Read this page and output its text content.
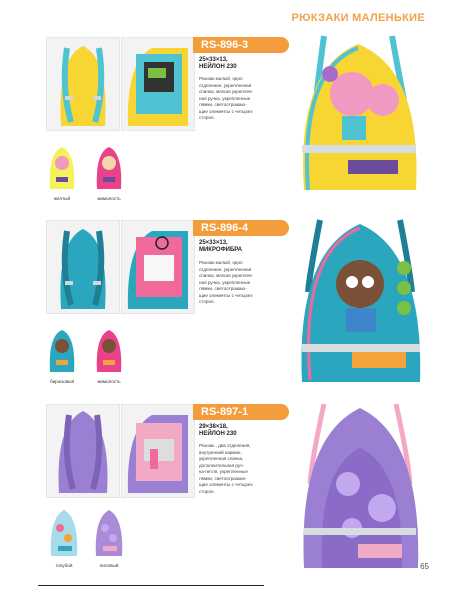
РЮКЗАКИ МАЛЕНЬКИЕ
RS-896-3
25×33×13,
НЕЙЛОН 230
Рюкзак малый, одно
отделение, укрепленная
спинка, мягкая укреплен-
ная ручка, укрепленные
лямки, светоотражаю-
щие элементы с четырех
сторон.
желтый	жимолость
RS-896-4
25×33×13,
МИКРОФИБРА
Рюкзак малый, одно
отделение, укрепленная
спинка, мягкая укреплен-
ная ручка, укрепленные
лямки, светоотражаю-
щие элементы с четырех
сторон.
бирюзовый	жимолость
RS-897-1
29×38×18,
НЕЙЛОН 230
Рюкзак , два отделения,
внутренний карман,
укрепленная спинка,
дополнительная руч-
ка-петля, укрепленные
лямки, светоотражаю-
щие элементы с четырех
сторон.
голубой	лиловый	65
